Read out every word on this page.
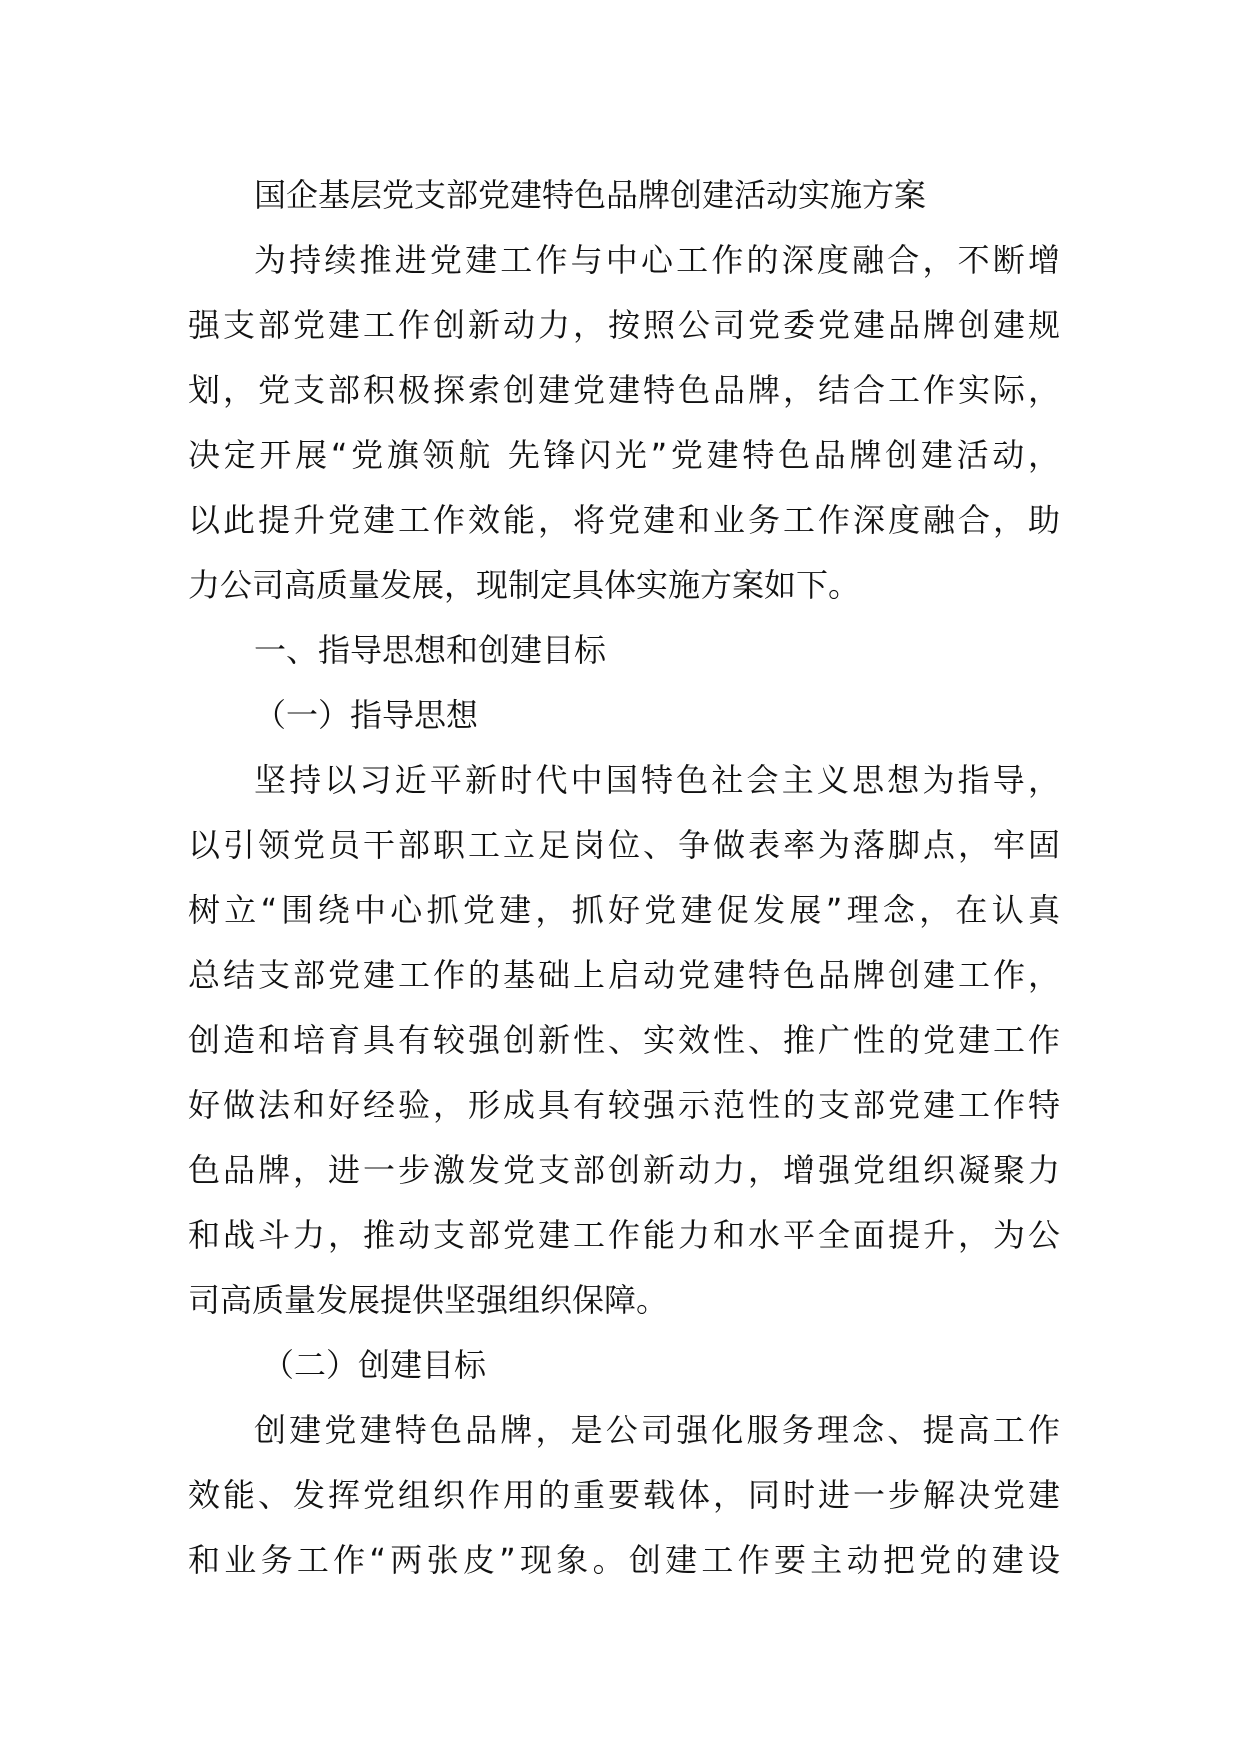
国企基层党支部党建特色品牌创建活动实施方案
为持续推进党建工作与中心工作的深度融合，不断增
强支部党建工作创新动力，按照公司党委党建品牌创建规
划，党支部积极探索创建党建特色品牌，结合工作实际，
决定开展“党旗领航 先锋闪光”党建特色品牌创建活动，
以此提升党建工作效能，将党建和业务工作深度融合，助
力公司高质量发展，现制定具体实施方案如下。
一、指导思想和创建目标
（一）指导思想
坚持以习近平新时代中国特色社会主义思想为指导，
以引领党员干部职工立足岗位、争做表率为落脚点，牢固
树立“围绕中心抓党建，抓好党建促发展”理念，在认真
总结支部党建工作的基础上启动党建特色品牌创建工作，
创造和培育具有较强创新性、实效性、推广性的党建工作
好做法和好经验，形成具有较强示范性的支部党建工作特
色品牌，进一步激发党支部创新动力，增强党组织凝聚力
和战斗力，推动支部党建工作能力和水平全面提升，为公
司高质量发展提供坚强组织保障。
（二）创建目标
创建党建特色品牌，是公司强化服务理念、提高工作
效能、发挥党组织作用的重要载体，同时进一步解决党建
和业务工作“两张皮”现象。创建工作要主动把党的建设
